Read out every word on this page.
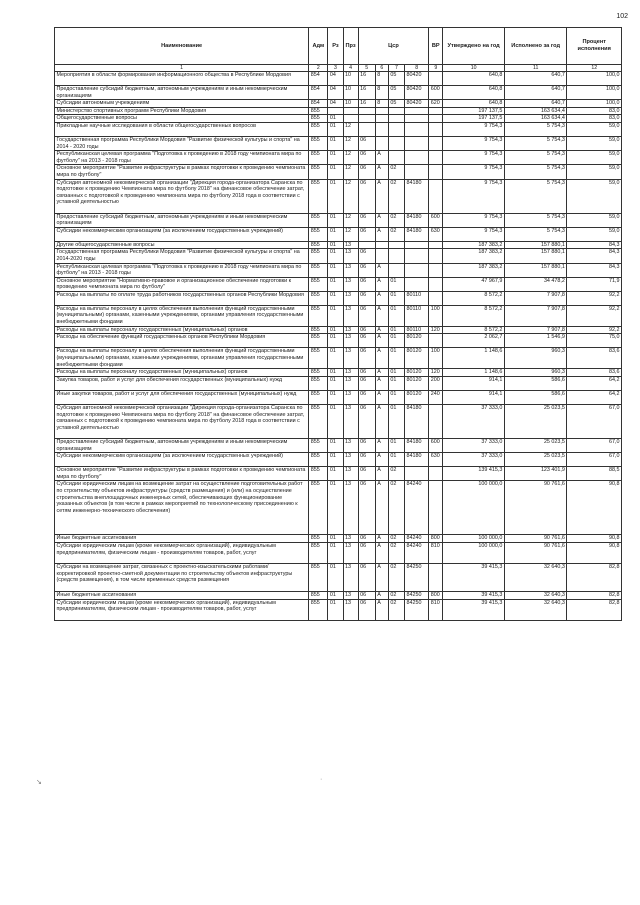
102
Наименование	Адм	Рз	Прз	Цср				ВР	Утверждено на год	Исполнено за год	Процент исполнения
1	2	3	4	5	6	7	8	9	10	11	12
Мероприятия в области формирования информационного общества в Республике Мордовия	854	04	10	16	8	05	80420		640,8	640,7	100,0
Предоставление субсидий бюджетным, автономным учреждениям и иным некоммерческим организациям	854	04	10	16	8	05	80420	600	640,8	640,7	100,0
Субсидии автономным учреждениям	854	04	10	16	8	05	80420	620	640,8	640,7	100,0
Министерство спортивных программ Республики Мордовия	855								197 137,5	163 634,4	83,0
Общегосударственные вопросы	855	01							197 137,5	163 634,4	83,0
Прикладные научные исследования в области общегосударственных вопросов	855	01	12						9 754,3	5 754,3	59,0
Государственная программа Республики Мордовия "Развитие физической культуры и спорта" на 2014 - 2020 годы	855	01	12	06					9 754,3	5 754,3	59,0
Республиканская целевая программа "Подготовка к проведению в 2018 году чемпионата мира по футболу" на 2013 - 2018 годы	855	01	12	06	А				9 754,3	5 754,3	59,0
Основное мероприятие "Развитие инфраструктуры в рамках подготовки к проведению чемпионата мира по футболу"	855	01	12	06	А	02			9 754,3	5 754,3	59,0
Субсидия автономной некоммерческой организации "Дирекция города-организатора Саранска по подготовке к проведению Чемпионата мира по футболу 2018" на финансовое обеспечение затрат, связанных с подготовкой к проведению чемпионата мира по футболу 2018 года в соответствии с уставной деятельностью	855	01	12	06	А	02	84180		9 754,3	5 754,3	59,0
Предоставление субсидий бюджетным, автономным учреждениям и иным некоммерческим организациям	855	01	12	06	А	02	84180	600	9 754,3	5 754,3	59,0
Субсидии некоммерческим организациям (за исключением государственных учреждений)	855	01	12	06	А	02	84180	630	9 754,3	5 754,3	59,0
Другие общегосударственные вопросы	855	01	13						187 383,2	157 880,1	84,3
Государственная программа Республики Мордовия "Развитие физической культуры и спорта" на 2014-2020 годы	855	01	13	06					187 383,2	157 880,1	84,3
Республиканская целевая программа "Подготовка к проведению в 2018 году чемпионата мира по футболу" на 2013 - 2018 годы	855	01	13	06	А				187 383,2	157 880,1	84,3
Основное мероприятие "Нормативно-правовое и организационное обеспечение подготовки к проведению чемпионата мира по футболу"	855	01	13	06	А	01			47 967,9	34 478,2	71,9
Расходы на выплаты по оплате труда работников государственных органов Республики Мордовия	855	01	13	06	А	01	80110		8 572,2	7 907,8	92,2
Расходы на выплаты персоналу в целях обеспечения выполнения функций государственными (муниципальными) органами, казенными учреждениями, органами управления государственными внебюджетными фондами	855	01	13	06	А	01	80110	100	8 572,2	7 907,8	92,2
Расходы на выплаты персоналу государственных (муниципальных) органов	855	01	13	06	А	01	80110	120	8 572,2	7 907,8	92,2
Расходы на обеспечение функций государственных органов Республики Мордовия	855	01	13	06	А	01	80120		2 062,7	1 546,9	75,0
Расходы на выплаты персоналу в целях обеспечения выполнения функций государственными (муниципальными) органами, казенными учреждениями, органами управления государственными внебюджетными фондами	855	01	13	06	А	01	80120	100	1 148,6	960,3	83,6
Расходы на выплаты персоналу государственных (муниципальных) органов	855	01	13	06	А	01	80120	120	1 148,6	960,3	83,6
Закупка товаров, работ и услуг для обеспечения государственных (муниципальных) нужд	855	01	13	06	А	01	80120	200	914,1	586,6	64,2
Иные закупки товаров, работ и услуг для обеспечения государственных (муниципальных) нужд	855	01	13	06	А	01	80120	240	914,1	586,6	64,2
Субсидия автономной некоммерческой организации "Дирекция города-организатора Саранска по подготовке к проведению Чемпионата мира по футболу 2018" на финансовое обеспечение затрат, связанных с подготовкой к проведению чемпионата мира по футболу 2018 года в соответствии с уставной деятельностью	855	01	13	06	А	01	84180		37 333,0	25 023,5	67,0
Предоставление субсидий бюджетным, автономным учреждениям и иным некоммерческим организациям	855	01	13	06	А	01	84180	600	37 333,0	25 023,5	67,0
Субсидии некоммерческим организациям (за исключением государственных учреждений)	855	01	13	06	А	01	84180	630	37 333,0	25 023,5	67,0
Основное мероприятие "Развитие инфраструктуры в рамках подготовки к проведению чемпионата мира по футболу"	855	01	13	06	А	02			139 415,3	123 401,9	88,5
Субсидии юридическим лицам на возмещение затрат на осуществление подготовительных работ по строительству объектов инфраструктуры (средств размещения) и (или) на осуществление строительства внеплощадочных инженерных сетей, обеспечивающих функционирование указанных объектов (в том числе в рамках мероприятий по технологическому присоединению к сетям инженерно-технического обеспечения)	855	01	13	06	А	02	84240		100 000,0	90 761,6	90,8
Иные бюджетные ассигнования	855	01	13	06	А	02	84240	800	100 000,0	90 761,6	90,8
Субсидии юридическим лицам (кроме некоммерческих организаций), индивидуальным предпринимателям, физическим лицам - производителям товаров, работ, услуг	855	01	13	06	А	02	84240	810	100 000,0	90 761,6	90,8
Субсидии на возмещение затрат, связанных с проектно-изыскательскими работами/корректировкой проектно-сметной документации по строительству объектов инфраструктуры (средств размещения), в том числе временных средств размещения	855	01	13	06	А	02	84250		39 415,3	32 640,3	82,8
Иные бюджетные ассигнования	855	01	13	06	А	02	84250	800	39 415,3	32 640,3	82,8
Субсидии юридическим лицам (кроме некоммерческих организаций), индивидуальным предпринимателям, физическим лицам - производителям товаров, работ, услуг	855	01	13	06	А	02	84250	810	39 415,3	32 640,3	82,8
↘	·
